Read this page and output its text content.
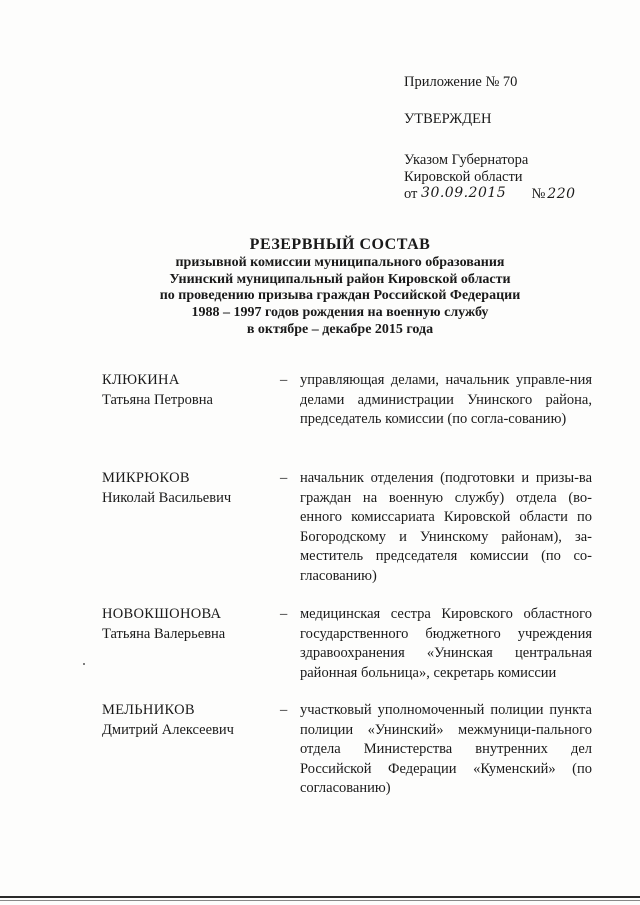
Приложение № 70
УТВЕРЖДЕН
Указом Губернатора
Кировской области
от 30.09.2015 № 220
РЕЗЕРВНЫЙ СОСТАВ
призывной комиссии муниципального образования
Унинский муниципальный район Кировской области
по проведению призыва граждан Российской Федерации
1988 – 1997 годов рождения на военную службу
в октябре – декабре 2015 года
КЛЮКИНА
Татьяна Петровна
– управляющая делами, начальник управле-ния делами администрации Унинского района, председатель комиссии (по согла-сованию)
МИКРЮКОВ
Николай Васильевич
– начальник отделения (подготовки и призы-ва граждан на военную службу) отдела (во-енного комиссариата Кировской области по Богородскому и Унинскому районам), за-меститель председателя комиссии (по со-гласованию)
НОВОКШОНОВА
Татьяна Валерьевна
– медицинская сестра Кировского областного государственного бюджетного учреждения здравоохранения «Унинская центральная районная больница», секретарь комиссии
МЕЛЬНИКОВ
Дмитрий Алексеевич
– участковый уполномоченный полиции пункта полиции «Унинский» межмуници-пального отдела Министерства внутренних дел Российской Федерации «Куменский» (по согласованию)
